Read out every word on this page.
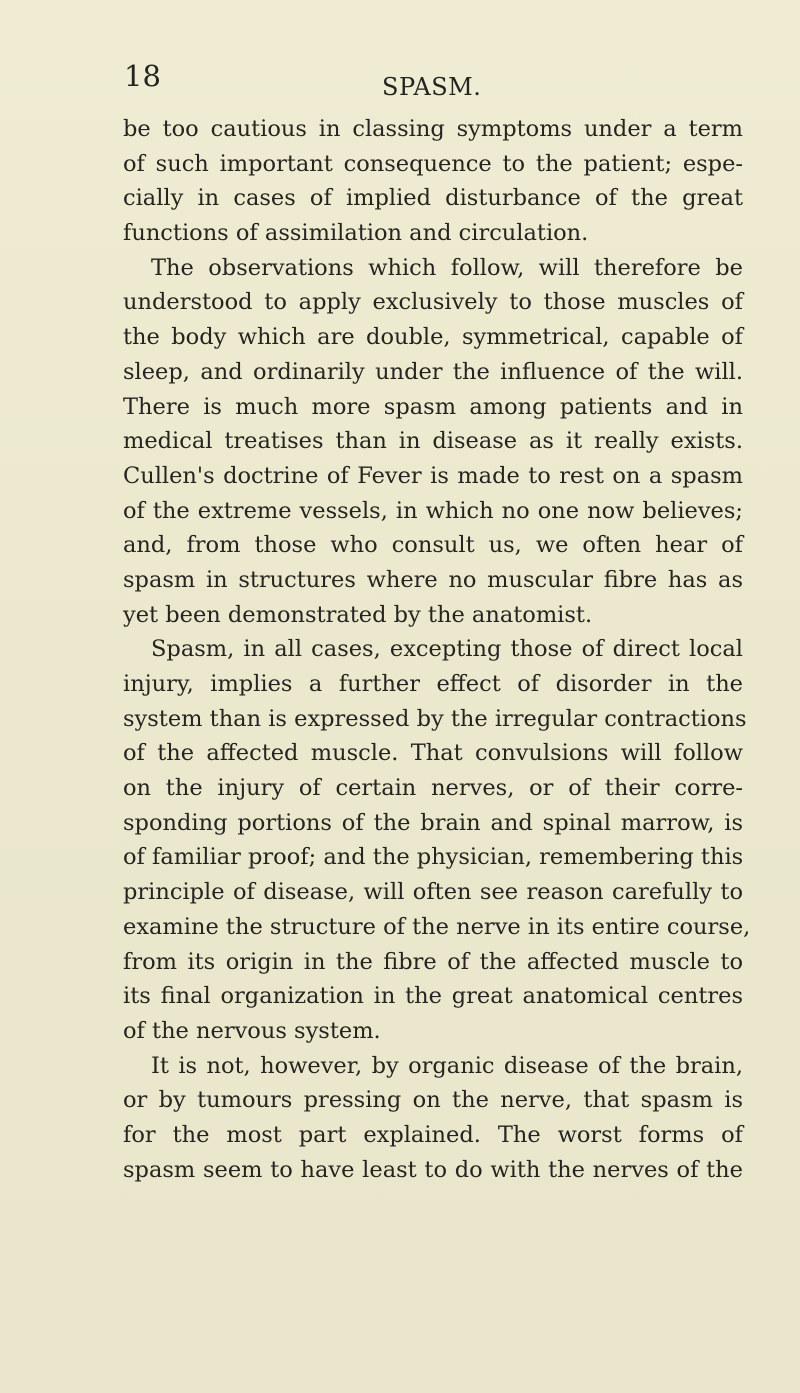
18	SPASM.
be too cautious in classing symptoms under a term
of such important consequence to the patient; espe-
cially in cases of implied disturbance of the great
functions of assimilation and circulation.
The observations which follow, will therefore be
understood to apply exclusively to those muscles of
the body which are double, symmetrical, capable of
sleep, and ordinarily under the influence of the will.
There is much more spasm among patients and in
medical treatises than in disease as it really exists.
Cullen's doctrine of Fever is made to rest on a spasm
of the extreme vessels, in which no one now believes;
and, from those who consult us, we often hear of
spasm in structures where no muscular fibre has as
yet been demonstrated by the anatomist.
Spasm, in all cases, excepting those of direct local
injury, implies a further effect of disorder in the
system than is expressed by the irregular contractions
of the affected muscle. That convulsions will follow
on the injury of certain nerves, or of their corre-
sponding portions of the brain and spinal marrow, is
of familiar proof; and the physician, remembering this
principle of disease, will often see reason carefully to
examine the structure of the nerve in its entire course,
from its origin in the fibre of the affected muscle to
its final organization in the great anatomical centres
of the nervous system.
It is not, however, by organic disease of the brain,
or by tumours pressing on the nerve, that spasm is
for the most part explained. The worst forms of
spasm seem to have least to do with the nerves of the
